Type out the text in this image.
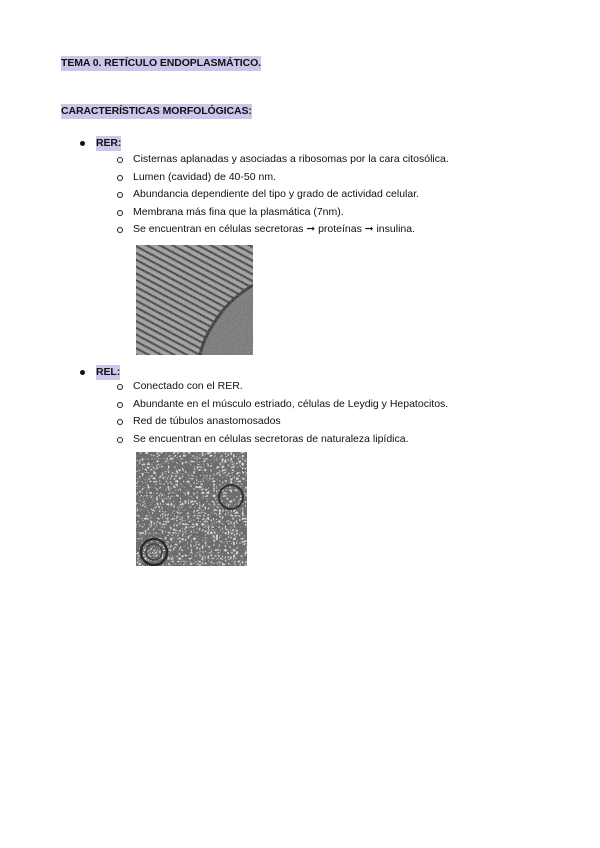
TEMA 0. RETÍCULO ENDOPLASMÁTICO.
CARACTERÍSTICAS MORFOLÓGICAS:
RER:
Cisternas aplanadas y asociadas a ribosomas por la cara citosólica.
Lumen (cavidad) de 40-50 nm.
Abundancia dependiente del tipo y grado de actividad celular.
Membrana más fina que la plasmática (7nm).
Se encuentran en células secretoras ➞ proteínas ➞ insulina.
REL:
Conectado con el RER.
Abundante en el músculo estriado, células de Leydig y Hepatocitos.
Red de túbulos anastomosados
Se encuentran en células secretoras de naturaleza lipídica.
